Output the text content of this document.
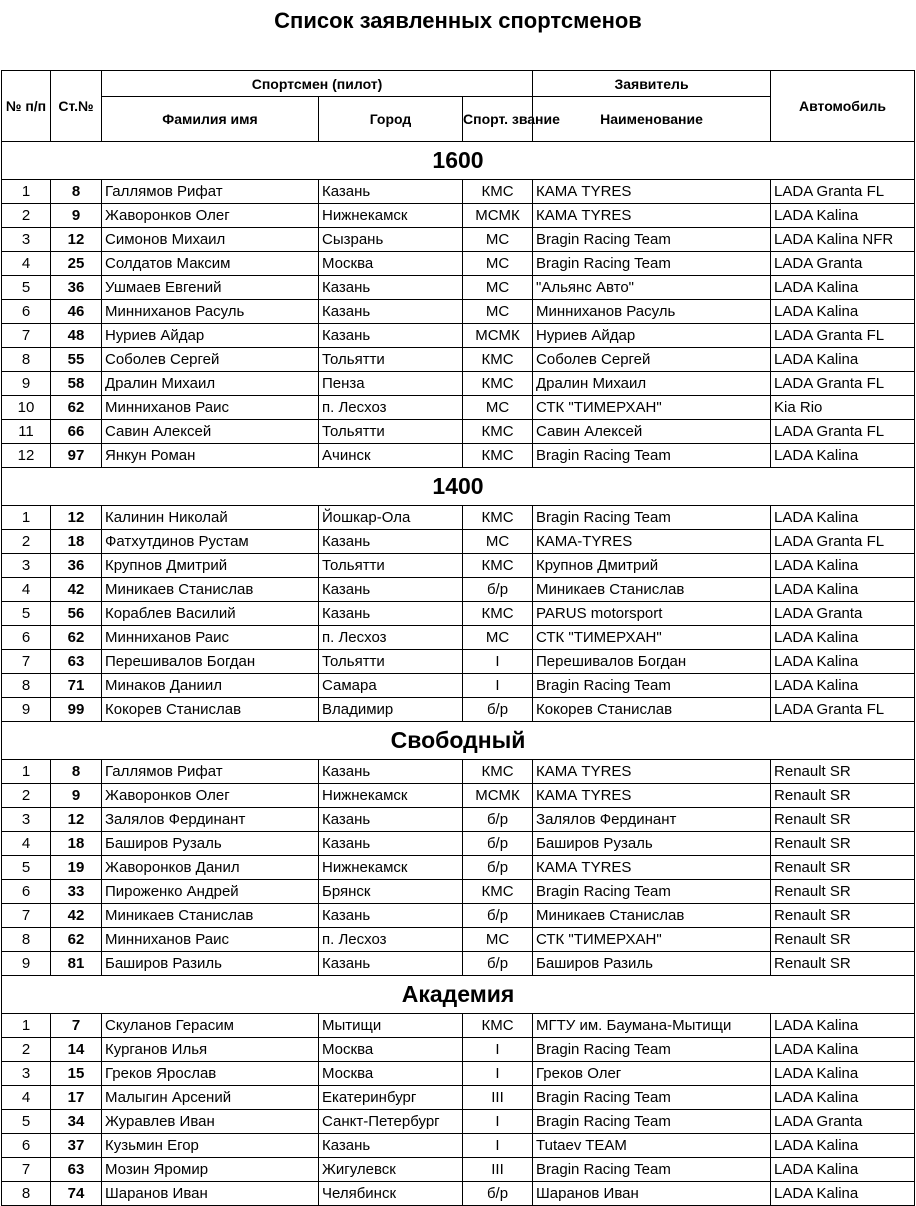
Список заявленных спортсменов
№ п/п	Ст.№	Спортсмен (пилот)			Заявитель	Автомобиль
		Фамилия имя	Город	Спорт. звание	Наименование	
1600						
1	8	Галлямов Рифат	Казань	КМС	КАМА TYRES	LADA Granta FL
2	9	Жаворонков Олег	Нижнекамск	МСМК	КАМА TYRES	LADA Kalina
3	12	Симонов Михаил	Сызрань	МС	Bragin Racing Team	LADA Kalina NFR
4	25	Солдатов Максим	Москва	МС	Bragin Racing Team	LADA Granta
5	36	Ушмаев Евгений	Казань	МС	"Альянс Авто"	LADA Kalina
6	46	Минниханов Расуль	Казань	МС	Минниханов Расуль	LADA Kalina
7	48	Нуриев Айдар	Казань	МСМК	Нуриев Айдар	LADA Granta FL
8	55	Соболев Сергей	Тольятти	КМС	Соболев Сергей	LADA Kalina
9	58	Дралин Михаил	Пенза	КМС	Дралин Михаил	LADA Granta FL
10	62	Минниханов Раис	п. Лесхоз	МС	СТК "ТИМЕРХАН"	Kia Rio
11	66	Савин Алексей	Тольятти	КМС	Савин Алексей	LADA Granta FL
12	97	Янкун Роман	Ачинск	КМС	Bragin Racing Team	LADA Kalina
1400						
1	12	Калинин Николай	Йошкар-Ола	КМС	Bragin Racing Team	LADA Kalina
2	18	Фатхутдинов Рустам	Казань	МС	КАМА-TYRES	LADA Granta FL
3	36	Крупнов Дмитрий	Тольятти	КМС	Крупнов Дмитрий	LADA Kalina
4	42	Миникаев Станислав	Казань	б/р	Миникаев Станислав	LADA Kalina
5	56	Кораблев Василий	Казань	КМС	PARUS motorsport	LADA Granta
6	62	Минниханов Раис	п. Лесхоз	МС	СТК "ТИМЕРХАН"	LADA Kalina
7	63	Перешивалов Богдан	Тольятти	I	Перешивалов Богдан	LADA Kalina
8	71	Минаков Даниил	Самара	I	Bragin Racing Team	LADA Kalina
9	99	Кокорев Станислав	Владимир	б/р	Кокорев Станислав	LADA Granta FL
Свободный						
1	8	Галлямов Рифат	Казань	КМС	КАМА TYRES	Renault SR
2	9	Жаворонков Олег	Нижнекамск	МСМК	КАМА TYRES	Renault SR
3	12	Залялов Фердинант	Казань	б/р	Залялов Фердинант	Renault SR
4	18	Баширов Рузаль	Казань	б/р	Баширов Рузаль	Renault SR
5	19	Жаворонков Данил	Нижнекамск	б/р	КАМА TYRES	Renault SR
6	33	Пироженко Андрей	Брянск	КМС	Bragin Racing Team	Renault SR
7	42	Миникаев Станислав	Казань	б/р	Миникаев Станислав	Renault SR
8	62	Минниханов Раис	п. Лесхоз	МС	СТК "ТИМЕРХАН"	Renault SR
9	81	Баширов Разиль	Казань	б/р	Баширов Разиль	Renault SR
Академия						
1	7	Скуланов Герасим	Мытищи	КМС	МГТУ им. Баумана-Мытищи	LADA Kalina
2	14	Курганов Илья	Москва	I	Bragin Racing Team	LADA Kalina
3	15	Греков Ярослав	Москва	I	Греков Олег	LADA Kalina
4	17	Малыгин Арсений	Екатеринбург	III	Bragin Racing Team	LADA Kalina
5	34	Журавлев Иван	Санкт-Петербург	I	Bragin Racing Team	LADA Granta
6	37	Кузьмин Егор	Казань	I	Tutaev TEAM	LADA Kalina
7	63	Мозин Яромир	Жигулевск	III	Bragin Racing Team	LADA Kalina
8	74	Шаранов Иван	Челябинск	б/р	Шаранов Иван	LADA Kalina
